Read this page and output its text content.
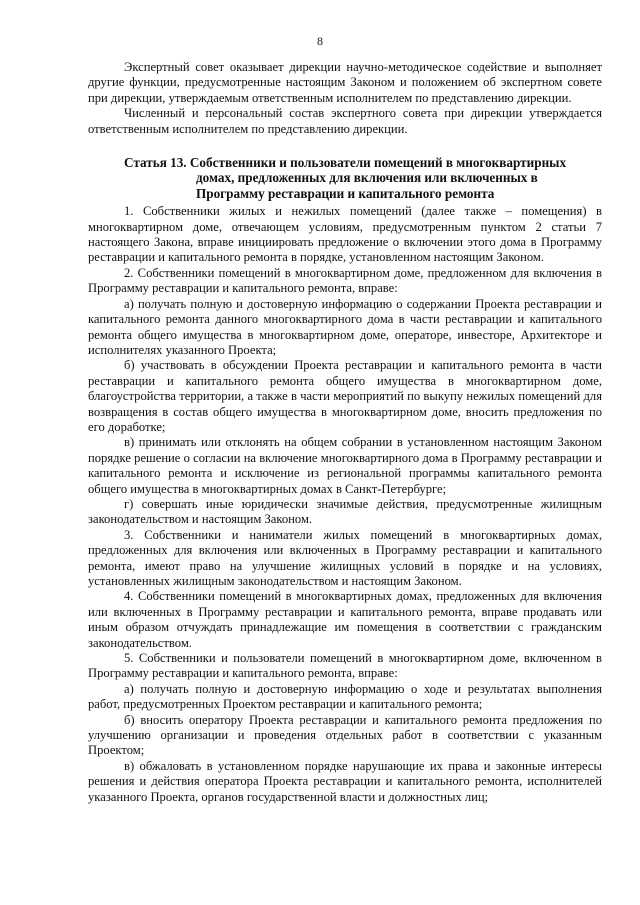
8

Экспертный совет оказывает дирекции научно-методическое содействие и выполняет другие функции, предусмотренные настоящим Законом и положением об экспертном совете при дирекции, утверждаемым ответственным исполнителем по представлению дирекции.

Численный и персональный состав экспертного совета при дирекции утверждается ответственным исполнителем по представлению дирекции.

Статья 13. Собственники и пользователи помещений в многоквартирных домах, предложенных для включения или включенных в Программу реставрации и капитального ремонта

1. Собственники жилых и нежилых помещений (далее также – помещения) в многоквартирном доме, отвечающем условиям, предусмотренным пунктом 2 статьи 7 настоящего Закона, вправе инициировать предложение о включении этого дома в Программу реставрации и капитального ремонта в порядке, установленном настоящим Законом.

2. Собственники помещений в многоквартирном доме, предложенном для включения в Программу реставрации и капитального ремонта, вправе:

а) получать полную и достоверную информацию о содержании Проекта реставрации и капитального ремонта данного многоквартирного дома в части реставрации и капитального ремонта общего имущества в многоквартирном доме, операторе, инвесторе, Архитекторе и исполнителях указанного Проекта;

б) участвовать в обсуждении Проекта реставрации и капитального ремонта в части реставрации и капитального ремонта общего имущества в многоквартирном доме, благоустройства территории, а также в части мероприятий по выкупу нежилых помещений для возвращения в состав общего имущества в многоквартирном доме, вносить предложения по его доработке;

в) принимать или отклонять на общем собрании в установленном настоящим Законом порядке решение о согласии на включение многоквартирного дома в Программу реставрации и капитального ремонта и исключение из региональной программы капитального ремонта общего имущества в многоквартирных домах в Санкт-Петербурге;

г) совершать иные юридически значимые действия, предусмотренные жилищным законодательством и настоящим Законом.

3. Собственники и наниматели жилых помещений в многоквартирных домах, предложенных для включения или включенных в Программу реставрации и капитального ремонта, имеют право на улучшение жилищных условий в порядке и на условиях, установленных жилищным законодательством и настоящим Законом.

4. Собственники помещений в многоквартирных домах, предложенных для включения или включенных в Программу реставрации и капитального ремонта, вправе продавать или иным образом отчуждать принадлежащие им помещения в соответствии с гражданским законодательством.

5. Собственники и пользователи помещений в многоквартирном доме, включенном в Программу реставрации и капитального ремонта, вправе:

а) получать полную и достоверную информацию о ходе и результатах выполнения работ, предусмотренных Проектом реставрации и капитального ремонта;

б) вносить оператору Проекта реставрации и капитального ремонта предложения по улучшению организации и проведения отдельных работ в соответствии с указанным Проектом;

в) обжаловать в установленном порядке нарушающие их права и законные интересы решения и действия оператора Проекта реставрации и капитального ремонта, исполнителей указанного Проекта, органов государственной власти и должностных лиц;
